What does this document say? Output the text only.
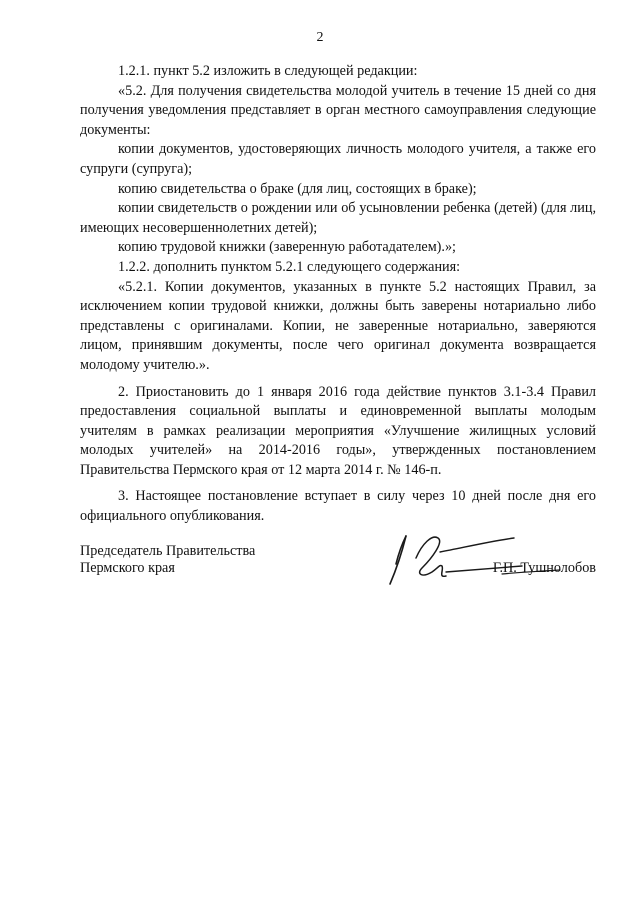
2

1.2.1. пункт 5.2 изложить в следующей редакции:

«5.2. Для получения свидетельства молодой учитель в течение 15 дней со дня получения уведомления представляет в орган местного самоуправления следующие документы:

копии документов, удостоверяющих личность молодого учителя, а также его супруги (супруга);

копию свидетельства о браке (для лиц, состоящих в браке);

копии свидетельств о рождении или об усыновлении ребенка (детей) (для лиц, имеющих несовершеннолетних детей);

копию трудовой книжки (заверенную работадателем).»;

1.2.2. дополнить пунктом 5.2.1 следующего содержания:

«5.2.1. Копии документов, указанных в пункте 5.2 настоящих Правил, за исключением копии трудовой книжки, должны быть заверены нотариально либо представлены с оригиналами. Копии, не заверенные нотариально, заверяются лицом, принявшим документы, после чего оригинал документа возвращается молодому учителю.».

2. Приостановить до 1 января 2016 года действие пунктов 3.1-3.4 Правил предоставления социальной выплаты и единовременной выплаты молодым учителям в рамках реализации мероприятия «Улучшение жилищных условий молодых учителей» на 2014-2016 годы», утвержденных постановлением Правительства Пермского края от 12 марта 2014 г. № 146-п.

3. Настоящее постановление вступает в силу через 10 дней после дня его официального опубликования.

Председатель Правительства
Пермского края	Г.П. Тушнолобов
